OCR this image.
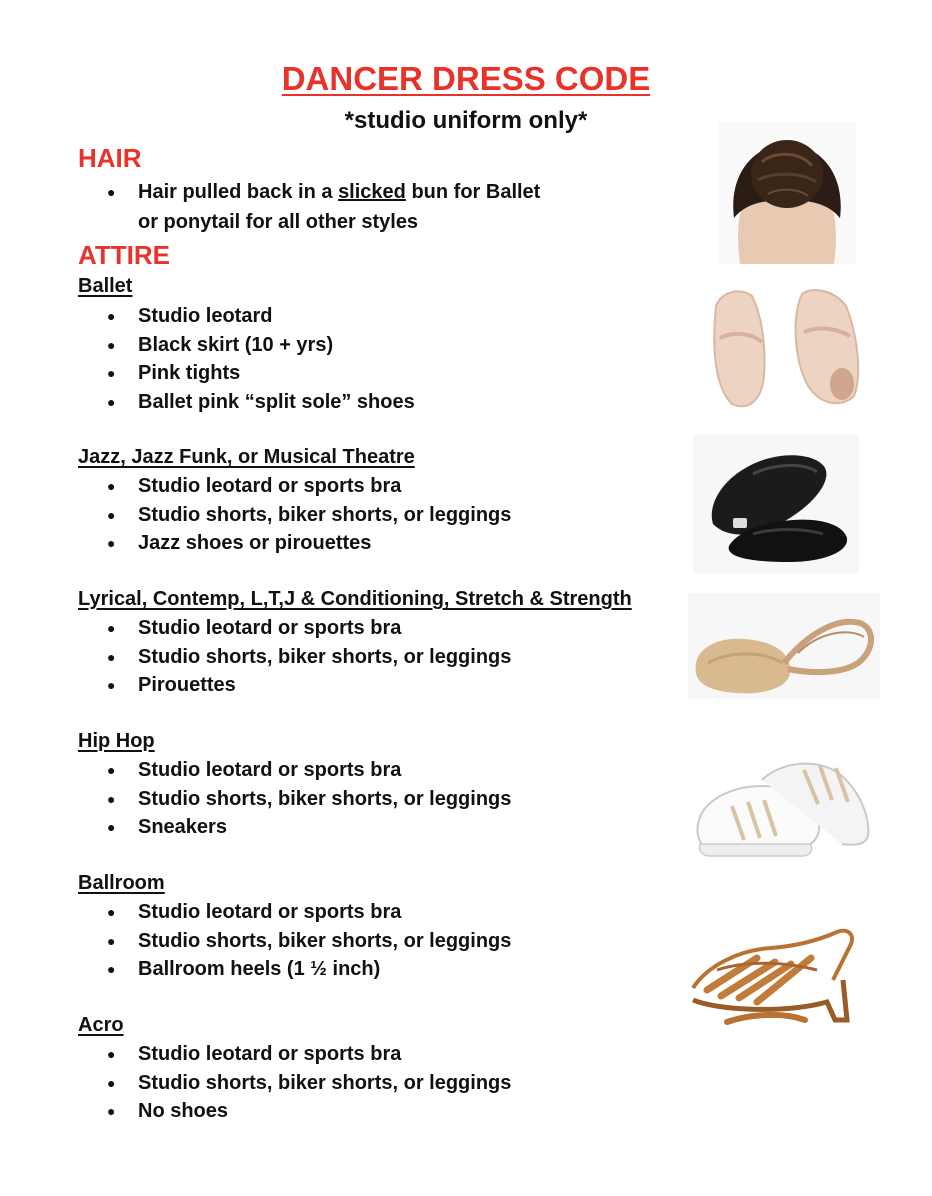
DANCER DRESS CODE
*studio uniform only*
HAIR
● Hair pulled back in a slicked bun for Ballet
or ponytail for all other styles
ATTIRE
Ballet
● Studio leotard
● Black skirt (10 + yrs)
● Pink tights
● Ballet pink “split sole” shoes
Jazz, Jazz Funk, or Musical Theatre
● Studio leotard or sports bra
● Studio shorts, biker shorts, or leggings
● Jazz shoes or pirouettes
Lyrical, Contemp, L,T,J & Conditioning, Stretch & Strength
● Studio leotard or sports bra
● Studio shorts, biker shorts, or leggings
● Pirouettes
Hip Hop
● Studio leotard or sports bra
● Studio shorts, biker shorts, or leggings
● Sneakers
Ballroom
● Studio leotard or sports bra
● Studio shorts, biker shorts, or leggings
● Ballroom heels (1 ½ inch)
Acro
● Studio leotard or sports bra
● Studio shorts, biker shorts, or leggings
● No shoes
